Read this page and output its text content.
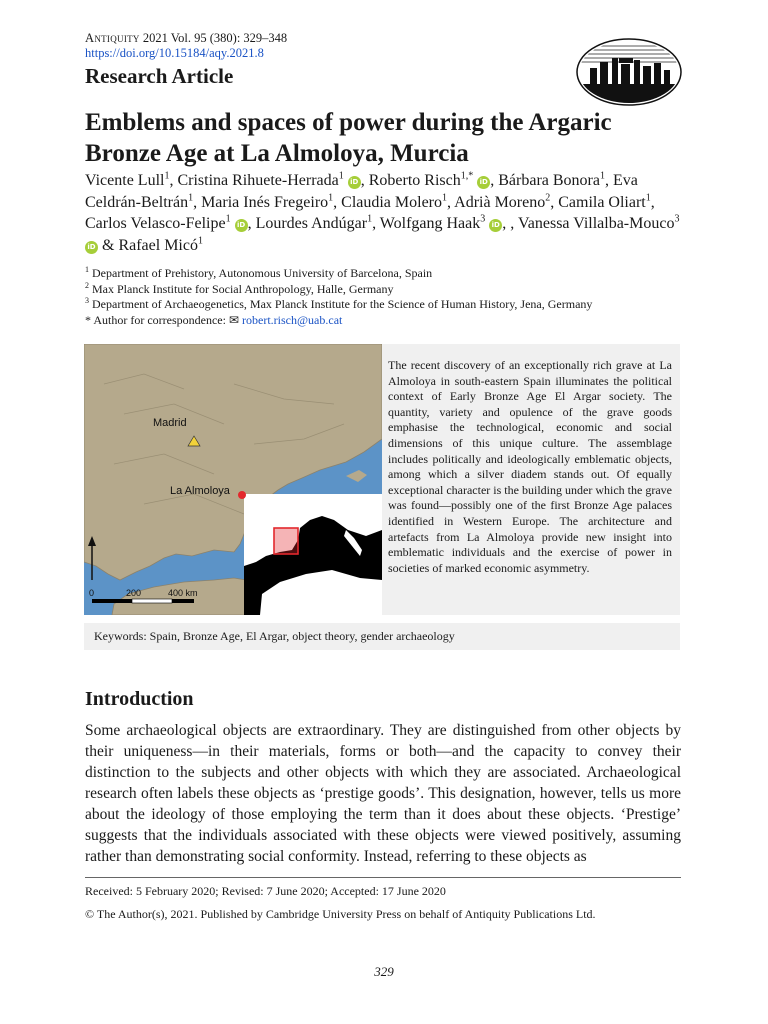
Antiquity 2021 Vol. 95 (380): 329–348
https://doi.org/10.15184/aqy.2021.8
Research Article
Emblems and spaces of power during the Argaric
Bronze Age at La Almoloya, Murcia
Vicente Lull$^1$, Cristina Rihuete-Herrada$^1$ iD , Roberto Risch$^{1,*}$ iD , Bárbara Bonora$^1$, Eva Celdrán-Beltrán$^1$, Maria Inés Fregeiro$^1$, Claudia Molero$^1$, Adrià Moreno$^2$, Camila Oliart$^1$, Carlos Velasco-Felipe$^1$ iD , Lourdes Andúgar$^1$, Wolfgang Haak$^3$ iD , , Vanessa Villalba-Mouco$^3$ iD & Rafael Micó$^1$
$^1$ Department of Prehistory, Autonomous University of Barcelona, Spain
$^2$ Max Planck Institute for Social Anthropology, Halle, Germany
$^3$ Department of Archaeogenetics, Max Planck Institute for the Science of Human History, Jena, Germany
* Author for correspondence: ✉ robert.risch@uab.cat
Madrid
La Almoloya
0	200	400 km
The recent discovery of an exceptionally rich grave at La Almoloya in south-eastern Spain illuminates the political context of Early Bronze Age El Argar society. The quantity, variety and opulence of the grave goods emphasise the technological, economic and social dimensions of this unique culture. The assemblage includes politically and ideologically emblematic objects, among which a silver diadem stands out. Of equally exceptional character is the building under which the grave was found—possibly one of the first Bronze Age palaces identified in Western Europe. The architecture and artefacts from La Almoloya provide new insight into emblematic individuals and the exercise of power in societies of marked economic asymmetry.
Keywords: Spain, Bronze Age, El Argar, object theory, gender archaeology
Introduction

Some archaeological objects are extraordinary. They are distinguished from other objects by their uniqueness—in their materials, forms or both—and the capacity to convey their distinction to the subjects and other objects with which they are associated. Archaeological research often labels these objects as ‘prestige goods’. This designation, however, tells us more about the ideology of those employing the term than it does about these objects. ‘Prestige’ suggests that the individuals associated with these objects were viewed positively, assuming rather than demonstrating social conformity. Instead, referring to these objects as

Received: 5 February 2020; Revised: 7 June 2020; Accepted: 17 June 2020
© The Author(s), 2021. Published by Cambridge University Press on behalf of Antiquity Publications Ltd.
329
